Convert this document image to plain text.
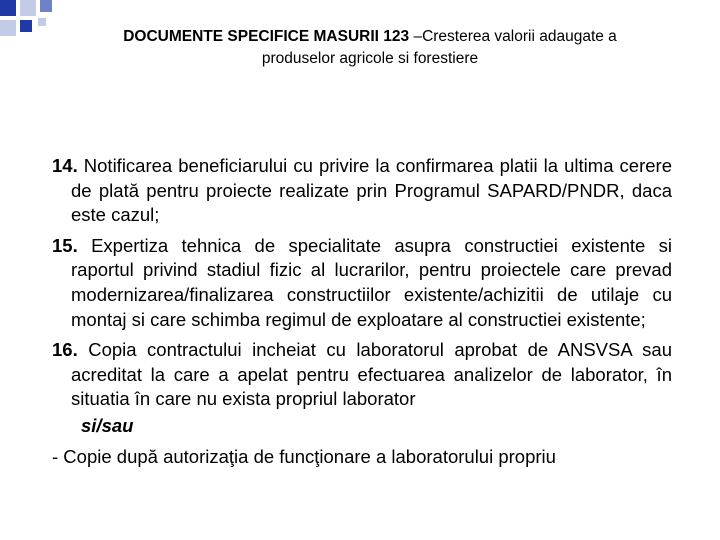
DOCUMENTE SPECIFICE MASURII 123 –Cresterea valorii adaugate a
produselor agricole si forestiere

14. Notificarea beneficiarului cu privire la confirmarea platii la ultima cerere de plată pentru proiecte realizate prin Programul SAPARD/PNDR, daca este cazul;

15. Expertiza tehnica de specialitate asupra constructiei existente si raportul privind stadiul fizic al lucrarilor, pentru proiectele care prevad modernizarea/finalizarea constructiilor existente/achizitii de utilaje cu montaj si care schimba regimul de exploatare al constructiei existente;

16. Copia contractului incheiat cu laboratorul aprobat de ANSVSA sau acreditat la care a apelat pentru efectuarea analizelor de laborator, în situatia în care nu exista propriul laborator

si/sau

- Copie după autorizaţia de funcţionare a laboratorului propriu
